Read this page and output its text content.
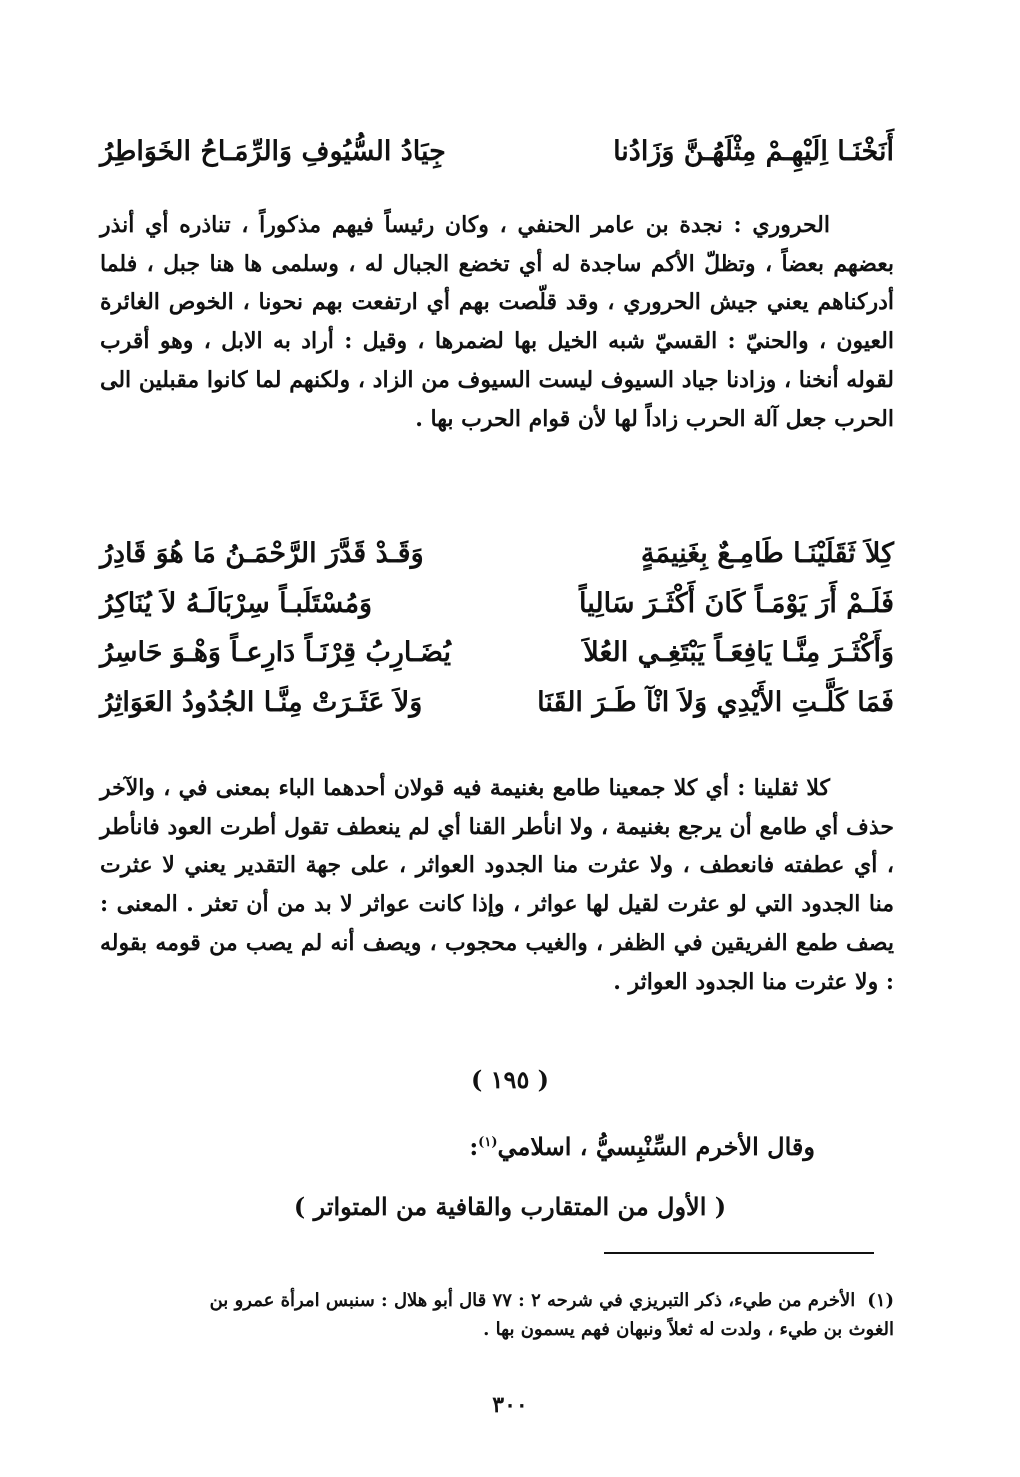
أَنَخْنَـا اِلَيْهِـمْ مِثْلَهُـنَّ وَزَادُنا
جِيَادُ السُّيُوفِ وَالرِّمَـاحُ الخَوَاطِرُ

الحروري : نجدة بن عامر الحنفي ، وكان رئيساً فيهم مذكوراً ، تناذره أي أنذر بعضهم بعضاً ، وتظلّ الأكم ساجدة له أي تخضع الجبال له ، وسلمى ها هنا جبل ، فلما أدركناهم يعني جيش الحروري ، وقد قلّصت بهم أي ارتفعت بهم نحونا ، الخوص الغائرة العيون ، والحنيّ : القسيّ شبه الخيل بها لضمرها ، وقيل : أراد به الابل ، وهو أقرب لقوله أنخنا ، وزادنا جياد السيوف ليست السيوف من الزاد ، ولكنهم لما كانوا مقبلين الى الحرب جعل آلة الحرب زاداً لها لأن قوام الحرب بها .

كِلاَ ثَقَلَيْنَـا طَامِـعٌ بِغَنِيمَةٍ
وَقَـدْ قَدَّرَ الرَّحْمَـنُ مَا هُوَ قَادِرُ
فَلَـمْ أَرَ يَوْمَـاً كَانَ أَكْثَـرَ سَالِياً
وَمُسْتَلَبـاً سِرْبَالَـهُ لاَ يُنَاكِرُ
وَأَكْثَـرَ مِنَّـا يَافِعَـاً يَبْتَغِـي العُلاَ
يُضَـارِبُ قِرْنَـاً دَارِعـاً وَهْـوَ حَاسِرُ
فَمَا كَلَّـتِ الأَيْدِي وَلاَ انْآ طَـرَ القَنَا
وَلاَ عَثَـرَتْ مِنَّـا الجُدُودُ العَوَاثِرُ

كلا ثقلينا : أي كلا جمعينا طامع بغنيمة فيه قولان أحدهما الباء بمعنى في ، والآخر حذف أي طامع أن يرجع بغنيمة ، ولا انأطر القنا أي لم ينعطف تقول أطرت العود فانأطر ، أي عطفته فانعطف ، ولا عثرت منا الجدود العواثر ، على جهة التقدير يعني لا عثرت منا الجدود التي لو عثرت لقيل لها عواثر ، وإذا كانت عواثر لا بد من أن تعثر . المعنى : يصف طمع الفريقين في الظفر ، والغيب محجوب ، ويصف أنه لم يصب من قومه بقوله : ولا عثرت منا الجدود العواثر .

( ١٩٥ )
وقال الأخرم السِّنْبِسيُّ ، اسلامي$^{(١)}$:
( الأول من المتقارب والقافية من المتواتر )

(١)الأخرم من طيء، ذكر التبريزي في شرحه ٢ : ٧٧ قال أبو هلال : سنبس امرأة عمرو بن

الغوث بن طيء ، ولدت له ثعلاً ونبهان فهم يسمون بها .

٣٠٠
